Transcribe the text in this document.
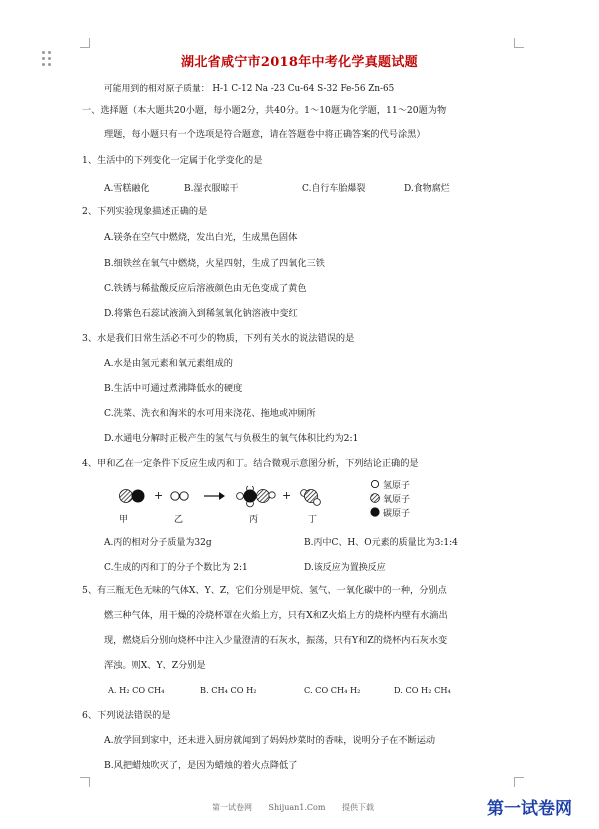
湖北省咸宁市2018年中考化学真题试题
可能用到的相对原子质量： H-1 C-12 Na -23 Cu-64 S-32 Fe-56 Zn-65
一、选择题（本大题共20小题，每小题2分，共40分。1～10题为化学题，11～20题为物
理题，每小题只有一个选项是符合题意，请在答题卷中将正确答案的代号涂黑）
1、生活中的下列变化一定属于化学变化的是
A.雪糕融化	B.湿衣服晾干	C.自行车胎爆裂	D.食物腐烂
2、下列实验现象描述正确的是
A.镁条在空气中燃烧，发出白光，生成黑色固体
B.细铁丝在氧气中燃烧，火星四射，生成了四氧化三铁
C.铁锈与稀盐酸反应后溶液颜色由无色变成了黄色
D.将紫色石蕊试液滴入到稀氢氧化钠溶液中变红
3、水是我们日常生活必不可少的物质，下列有关水的说法错误的是
A.水是由氢元素和氧元素组成的
B.生活中可通过煮沸降低水的硬度
C.洗菜、洗衣和淘米的水可用来浇花、拖地或冲厕所
D.水通电分解时正极产生的氢气与负极生的氧气体积比约为2:1
4、甲和乙在一定条件下反应生成丙和丁。结合微观示意图分析，下列结论正确的是
+	+
甲	乙	丙	丁
氢原子
氧原子
碳原子
A.丙的相对分子质量为32g	B.丙中C、H、O元素的质量比为3:1:4
C.生成的丙和丁的分子个数比为 2:1	D.该反应为置换反应
5、有三瓶无色无味的气体X、Y、Z，它们分别是甲烷、氢气、一氧化碳中的一种，分别点
燃三种气体，用干燥的冷烧杯罩在火焰上方，只有X和Z火焰上方的烧杯内壁有水滴出
现，燃烧后分别向烧杯中注入少量澄清的石灰水，振荡，只有Y和Z的烧杯内石灰水变
浑浊。则X、Y、Z分别是
A. H₂ CO CH₄	B. CH₄ CO H₂	C. CO CH₄ H₂	D. CO H₂ CH₄
6、下列说法错误的是
A.放学回到家中，还未进入厨房就闻到了妈妈炒菜时的香味，说明分子在不断运动
B.风把蜡烛吹灭了，是因为蜡烛的着火点降低了
第一试卷网 Shijuan1.Com 提供下载	第一试卷网
